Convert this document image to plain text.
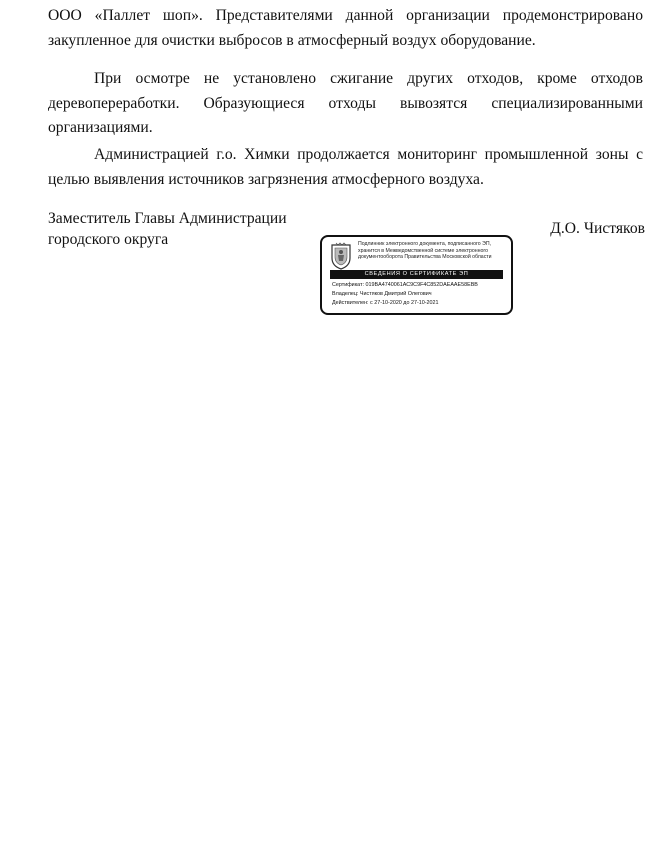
ООО «Паллет шоп». Представителями данной организации продемонстрировано закупленное для очистки выбросов в атмосферный воздух оборудование.

При осмотре не установлено сжигание других отходов, кроме отходов деревопереработки. Образующиеся отходы вывозятся специализированными организациями.

Администрацией г.о. Химки продолжается мониторинг промышленной зоны с целью выявления источников загрязнения атмосферного воздуха.

Заместитель Главы Администрации
городского округа
Д.О. Чистяков
Подлинник электронного документа, подписанного ЭП, хранится в Межведомственной системе электронного документооборота Правительства Московской области
СВЕДЕНИЯ О СЕРТИФИКАТЕ ЭП
Сертификат: 019BA4740061AC9C9F4C852DAEAAE58EBB
Владелец: Чистяков Дмитрий Олегович
Действителен: с 27-10-2020 до 27-10-2021
